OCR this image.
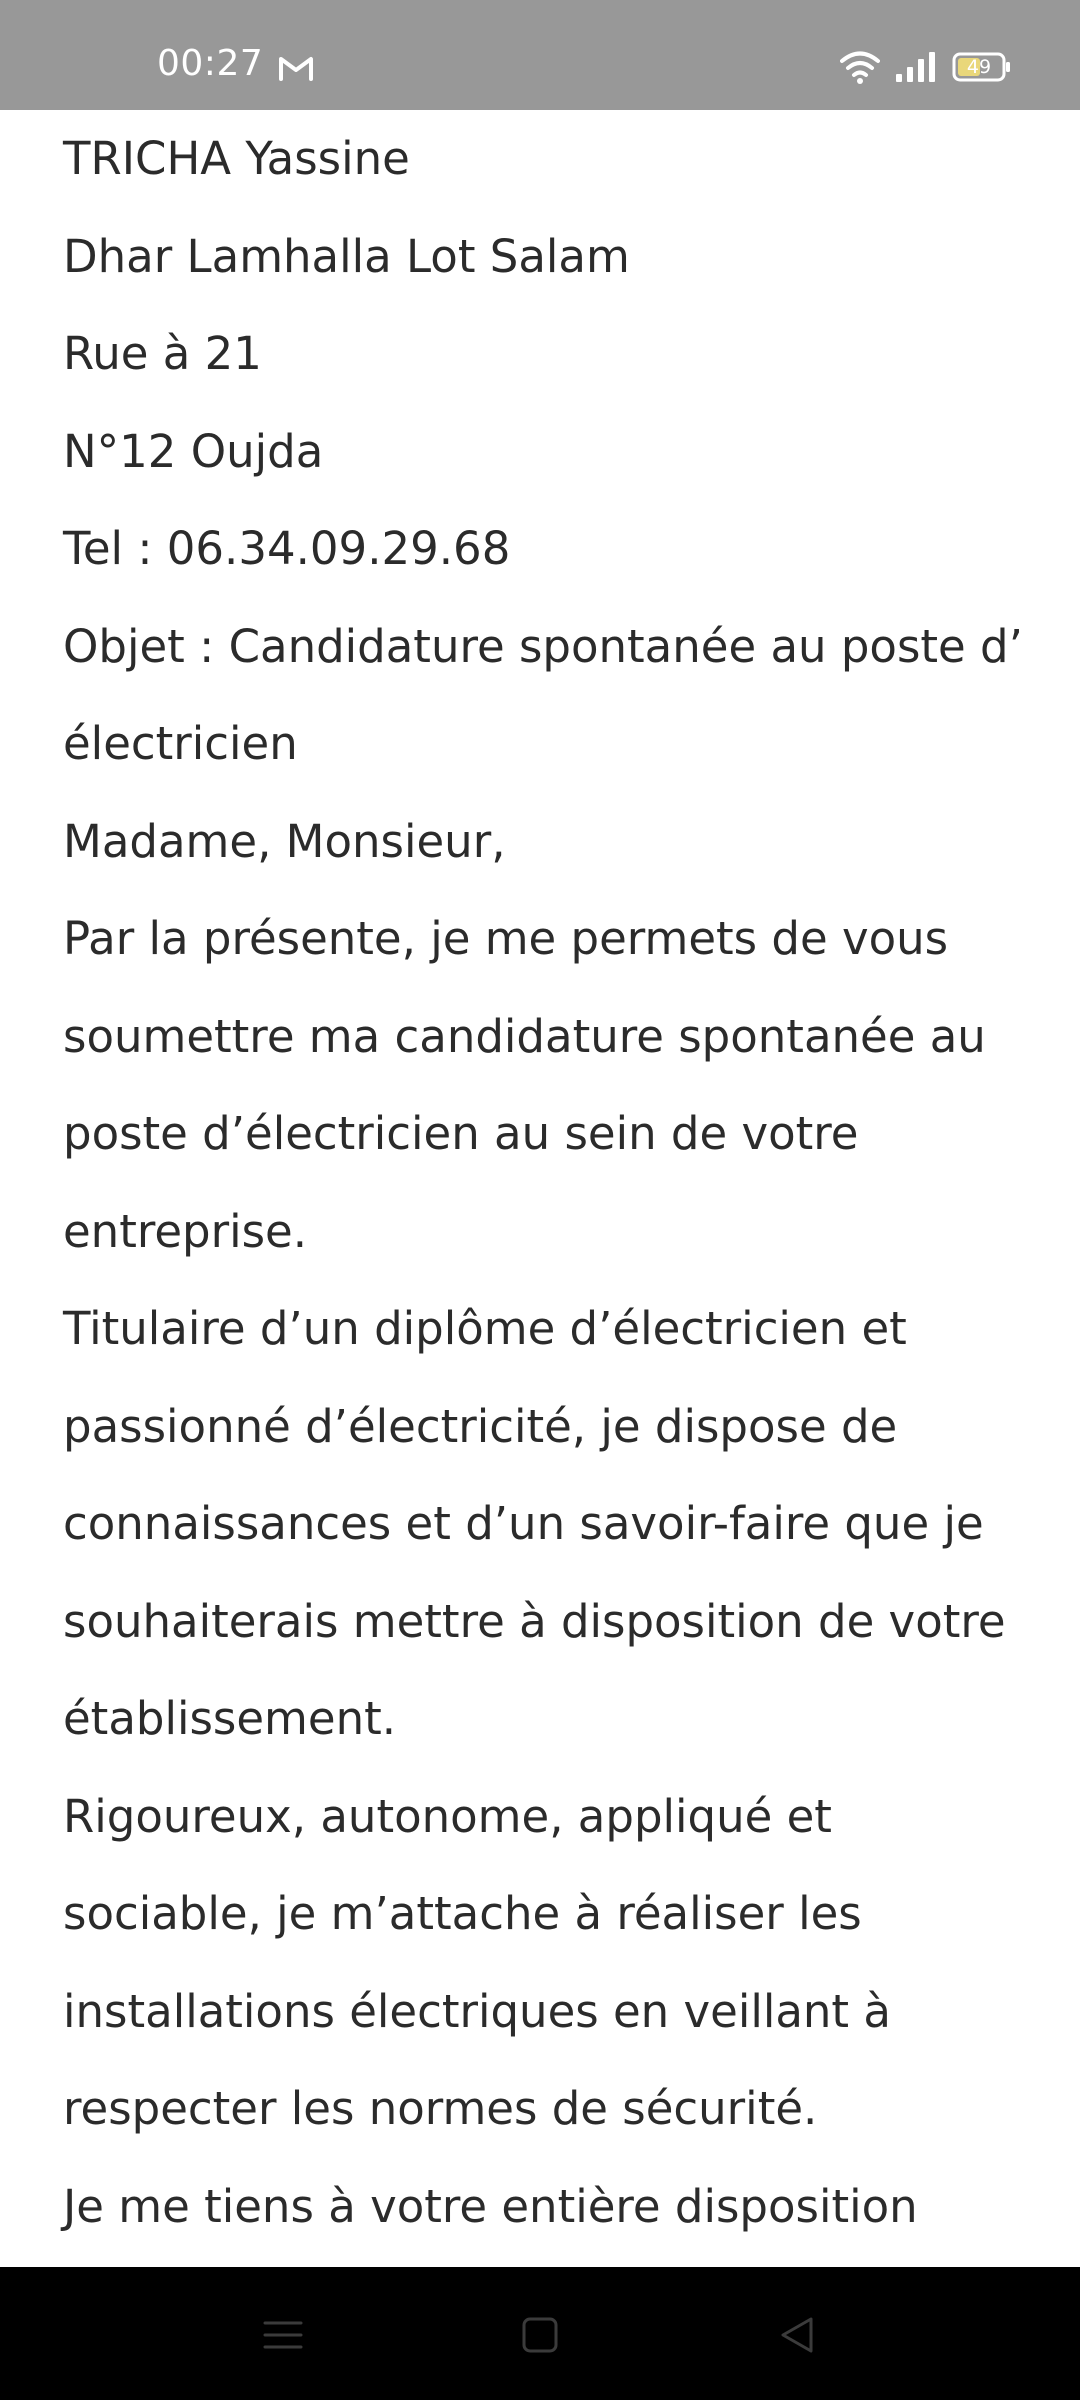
00:27	49
TRICHA Yassine
Dhar Lamhalla Lot Salam
Rue à 21
N°12 Oujda
Tel : 06.34.09.29.68
Objet : Candidature spontanée au poste d’
électricien
Madame, Monsieur,
Par la présente, je me permets de vous
soumettre ma candidature spontanée au
poste d’électricien au sein de votre
entreprise.
Titulaire d’un diplôme d’électricien et
passionné d’électricité, je dispose de
connaissances et d’un savoir-faire que je
souhaiterais mettre à disposition de votre
établissement.
Rigoureux, autonome, appliqué et
sociable, je m’attache à réaliser les
installations électriques en veillant à
respecter les normes de sécurité.
Je me tiens à votre entière disposition
